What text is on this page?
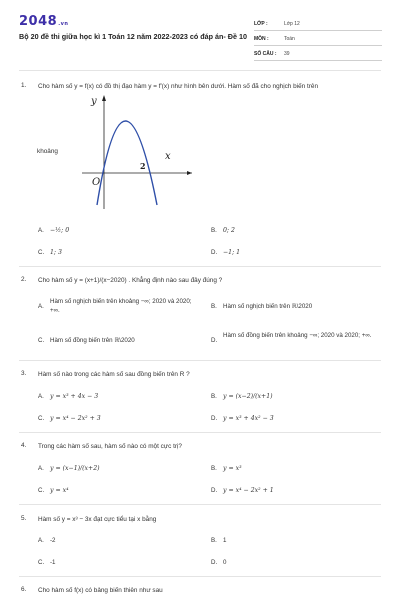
2048.vn
Bộ 20 đề thi giữa học kì 1 Toán 12 năm 2022-2023 có đáp án- Đề 10
LỚP :	Lớp 12
MÔN :	Toán
SỐ CÂU : 39
1. Cho hàm số y = f(x) có đồ thị đạo hàm y = f′(x) như hình bên dưới. Hàm số đã cho nghịch biến trên
y
x
O
2
khoảng
A. −½; 0	B. 0; 2
C. 1; 3	D. −1; 1
2. Cho hàm số y = (x+1)/(x−2020) . Khẳng định nào sau đây đúng ?
A.
Hàm số nghịch biến trên khoảng −∞; 2020 và 2020; +∞.	B. Hàm số nghịch biến trên ℝ\2020
C. Hàm số đồng biến trên ℝ\2020	D.
Hàm số đồng biến trên khoảng −∞; 2020 và 2020; +∞.
3. Hàm số nào trong các hàm số sau đồng biến trên R ?
A. y = x³ + 4x − 3	B. y = (x−2)/(x+1)
C. y = x⁴ − 2x² + 3	D. y = x³ + 4x² − 3
4. Trong các hàm số sau, hàm số nào có một cực trị?
A. y = (x−1)/(x+2)	B. y = x³
C. y = x⁴	D. y = x⁴ − 2x² + 1
5. Hàm số y = x³ − 3x đạt cực tiểu tại x bằng
A. -2	B. 1
C. -1	D. 0
6. Cho hàm số f(x) có bảng biến thiên như sau
